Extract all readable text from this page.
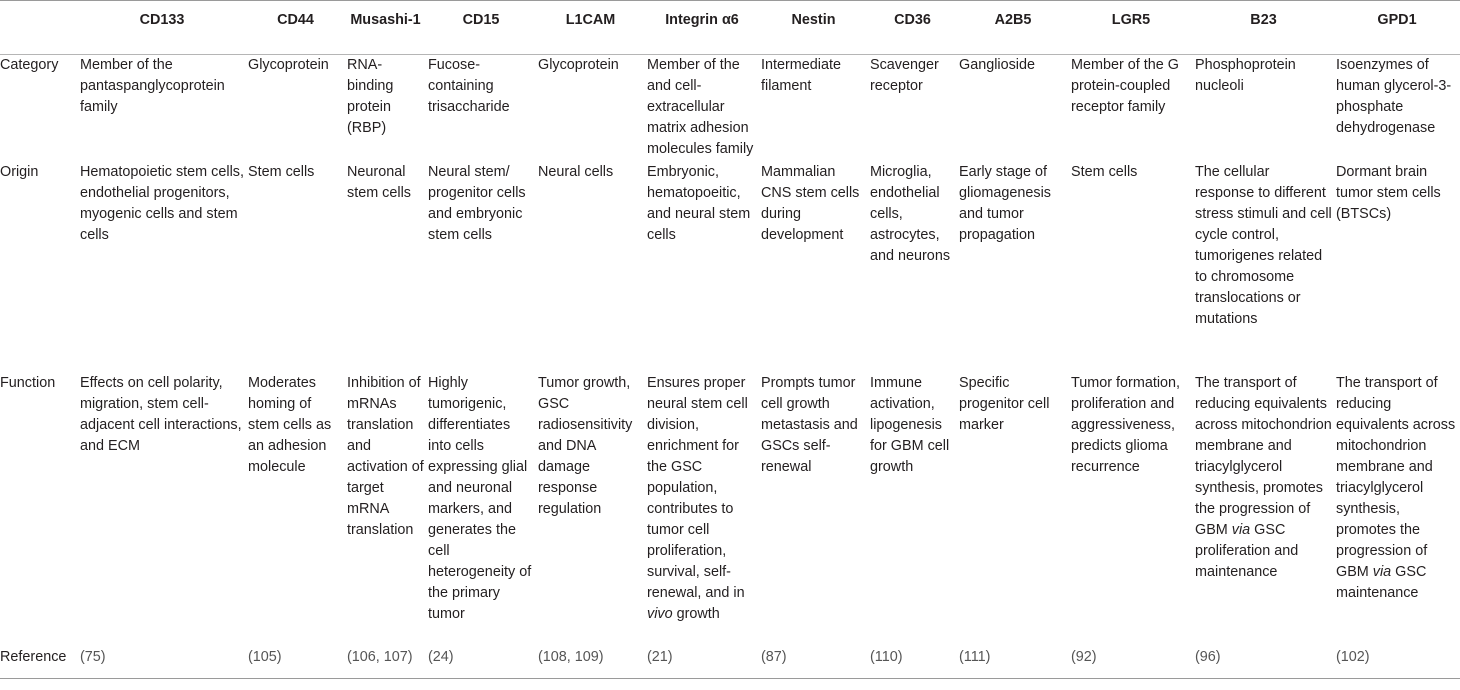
	CD133	CD44	Musashi-1	CD15	L1CAM	Integrin α6	Nestin	CD36	A2B5	LGR5	B23	GPD1
Category	Member of the pantaspanglycoprotein family	Glycoprotein	RNA-binding protein (RBP)	Fucose-containing trisaccharide	Glycoprotein	Member of the and cell-extracellular matrix adhesion molecules family	Intermediate filament	Scavenger receptor	Ganglioside	Member of the G protein-coupled receptor family	Phosphoprotein nucleoli	Isoenzymes of human glycerol-3-phosphate dehydrogenase
Origin	Hematopoietic stem cells, endothelial progenitors, myogenic cells and stem cells	Stem cells	Neuronal stem cells	Neural stem/ progenitor cells and embryonic stem cells	Neural cells	Embryonic, hematopoeitic, and neural stem cells	Mammalian CNS stem cells during development	Microglia, endothelial cells, astrocytes, and neurons	Early stage of gliomagenesis and tumor propagation	Stem cells	The cellular response to different stress stimuli and cell cycle control, tumorigenes related to chromosome translocations or mutations	Dormant brain tumor stem cells (BTSCs)
Function	Effects on cell polarity, migration, stem cell-adjacent cell interactions, and ECM	Moderates homing of stem cells as an adhesion molecule	Inhibition of mRNAs translation and activation of target mRNA translation	Highly tumorigenic, differentiates into cells expressing glial and neuronal markers, and generates the cell heterogeneity of the primary tumor	Tumor growth, GSC radiosensitivity and DNA damage response regulation	Ensures proper neural stem cell division, enrichment for the GSC population, contributes to tumor cell proliferation, survival, self-renewal, and in vivo growth	Prompts tumor cell growth metastasis and GSCs self-renewal	Immune activation, lipogenesis for GBM cell growth	Specific progenitor cell marker	Tumor formation, proliferation and aggressiveness, predicts glioma recurrence	The transport of reducing equivalents across mitochondrion membrane and triacylglycerol synthesis, promotes the progression of GBM via GSC proliferation and maintenance	The transport of reducing equivalents across mitochondrion membrane and triacylglycerol synthesis, promotes the progression of GBM via GSC maintenance
Reference	(75)	(105)	(106, 107)	(24)	(108, 109)	(21)	(87)	(110)	(111)	(92)	(96)	(102)
